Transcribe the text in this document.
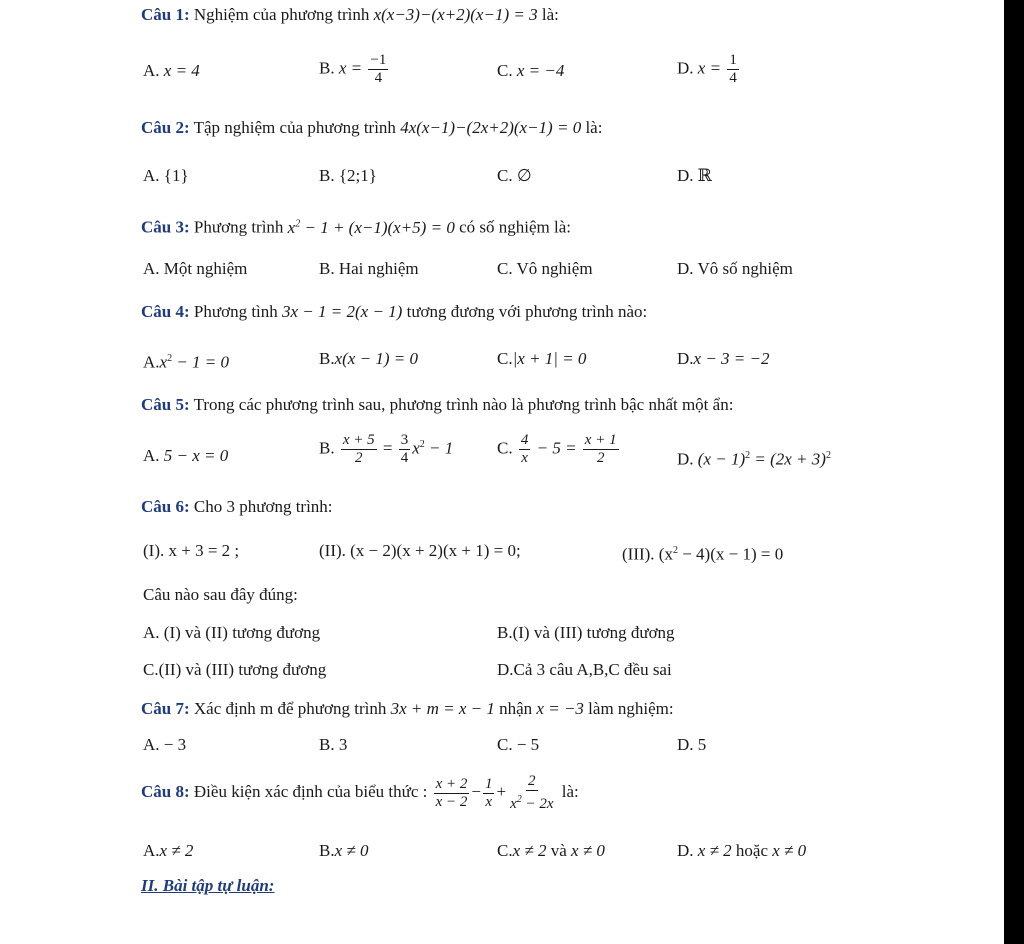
Câu 1: Nghiệm của phương trình x(x−3)−(x+2)(x−1) = 3 là:
A. x = 4	B. $x = \frac{-1}{4}$	C. x = −4	D. $x = \frac{1}{4}$
Câu 2: Tập nghiệm của phương trình 4x(x−1)−(2x+2)(x−1) = 0 là:
A. {1}	B. {2;1}	C. ∅	D. ℝ
Câu 3: Phương trình $x^2 - 1 + (x-1)(x+5) = 0$ có số nghiệm là:
A. Một nghiệm	B. Hai nghiệm	C. Vô nghiệm	D. Vô số nghiệm
Câu 4: Phương tình 3x − 1 = 2(x − 1) tương đương với phương trình nào:
$A.x^2 - 1 = 0$	B.x(x − 1) = 0	C.|x + 1| = 0	D.x − 3 = −2
Câu 5: Trong các phương trình sau, phương trình nào là phương trình bậc nhất một ẩn:
A. 5 − x = 0	B. $\frac{x + 5}{2} = \frac{3}{4} x^2 - 1$	C. $\frac{4}{x} - 5 = \frac{x + 1}{2}$	D. $(x - 1)^2 = (2x + 3)^2$
Câu 6: Cho 3 phương trình:
(I). x + 3 = 2 ;	(II). (x − 2)(x + 2)(x + 1) = 0;	(III). $(x^2 - 4)(x - 1) = 0$
Câu nào sau đây đúng:
A. (I) và (II) tương đương	B.(I) và (III) tương đương
C.(II) và (III) tương đương	D.Cả 3 câu A,B,C đều sai
Câu 7: Xác định m để phương trình 3x + m = x − 1 nhận x = −3 làm nghiệm:
A. − 3	B. 3	C. − 5	D. 5
Câu 8: Điều kiện xác định của biểu thức : $\frac{x + 2}{x - 2} - \frac{1}{x} + \frac{2}{x^2 - 2x}$ là:
A.x ≠ 2	B.x ≠ 0	C.x ≠ 2 và x ≠ 0	D. x ≠ 2 hoặc x ≠ 0
II. Bài tập tự luận:
